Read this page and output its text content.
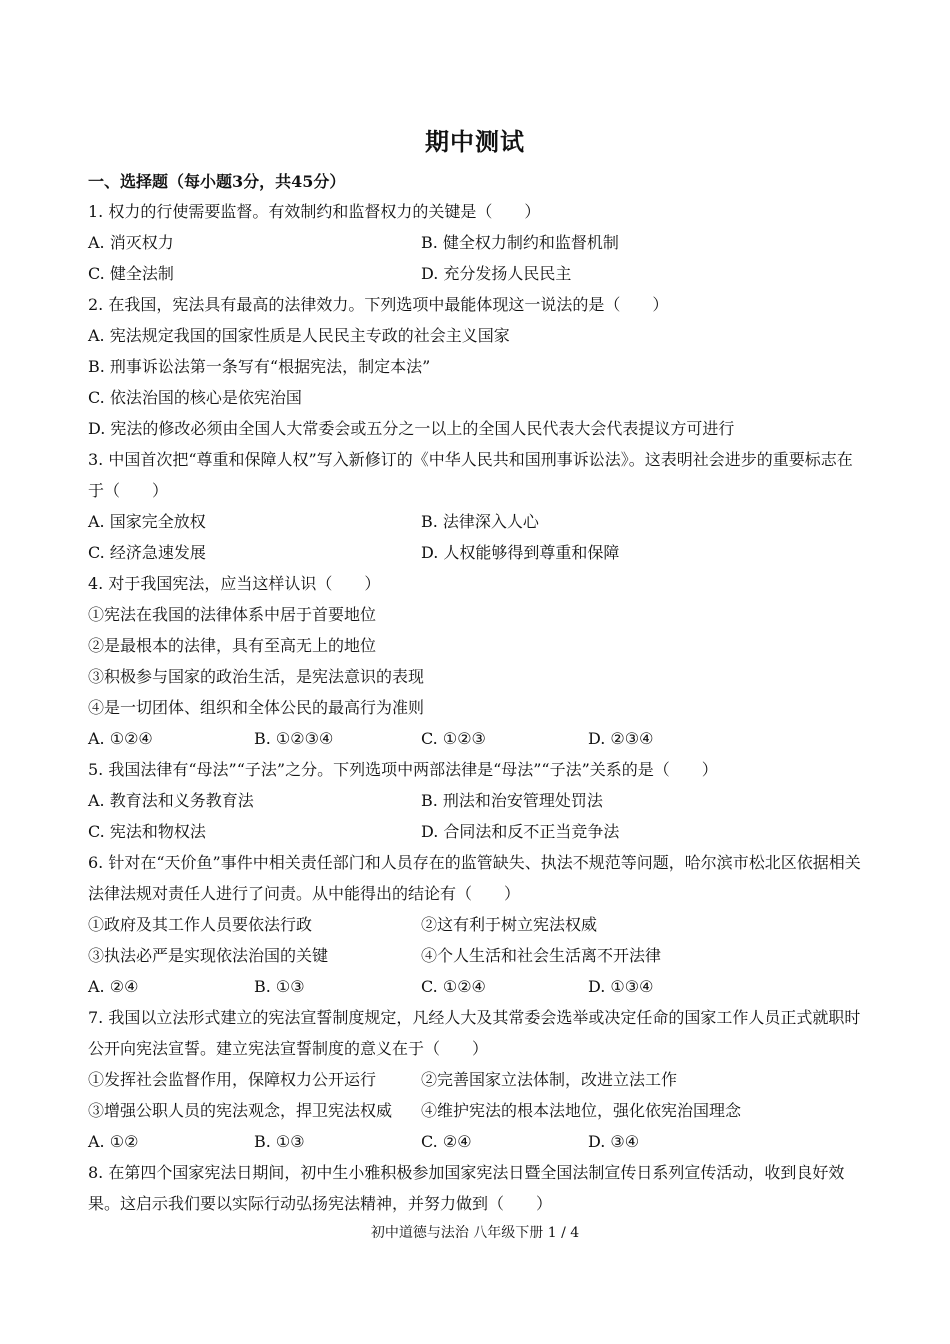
期中测试
一、选择题（每小题3分，共45分）
1. 权力的行使需要监督。有效制约和监督权力的关键是（　　）
A. 消灭权力	B. 健全权力制约和监督机制
C. 健全法制	D. 充分发扬人民民主
2. 在我国，宪法具有最高的法律效力。下列选项中最能体现这一说法的是（　　）
A. 宪法规定我国的国家性质是人民民主专政的社会主义国家
B. 刑事诉讼法第一条写有“根据宪法，制定本法”
C. 依法治国的核心是依宪治国
D. 宪法的修改必须由全国人大常委会或五分之一以上的全国人民代表大会代表提议方可进行
3. 中国首次把“尊重和保障人权”写入新修订的《中华人民共和国刑事诉讼法》。这表明社会进步的重要标志在于（　　）
A. 国家完全放权	B. 法律深入人心
C. 经济急速发展	D. 人权能够得到尊重和保障
4. 对于我国宪法，应当这样认识（　　）
①宪法在我国的法律体系中居于首要地位
②是最根本的法律，具有至高无上的地位
③积极参与国家的政治生活，是宪法意识的表现
④是一切团体、组织和全体公民的最高行为准则
A. ①②④	B. ①②③④	C. ①②③	D. ②③④
5. 我国法律有“母法”“子法”之分。下列选项中两部法律是“母法”“子法”关系的是（　　）
A. 教育法和义务教育法	B. 刑法和治安管理处罚法
C. 宪法和物权法	D. 合同法和反不正当竞争法
6. 针对在“天价鱼”事件中相关责任部门和人员存在的监管缺失、执法不规范等问题，哈尔滨市松北区依据相关法律法规对责任人进行了问责。从中能得出的结论有（　　）
①政府及其工作人员要依法行政	②这有利于树立宪法权威
③执法必严是实现依法治国的关键	④个人生活和社会生活离不开法律
A. ②④	B. ①③	C. ①②④	D. ①③④
7. 我国以立法形式建立的宪法宣誓制度规定，凡经人大及其常委会选举或决定任命的国家工作人员正式就职时公开向宪法宣誓。建立宪法宣誓制度的意义在于（　　）
①发挥社会监督作用，保障权力公开运行	②完善国家立法体制，改进立法工作
③增强公职人员的宪法观念，捍卫宪法权威 ④维护宪法的根本法地位，强化依宪治国理念
A. ①②	B. ①③	C. ②④	D. ③④
8. 在第四个国家宪法日期间，初中生小雅积极参加国家宪法日暨全国法制宣传日系列宣传活动，收到良好效果。这启示我们要以实际行动弘扬宪法精神，并努力做到（　　）
初中道德与法治 八年级下册 1 / 4
